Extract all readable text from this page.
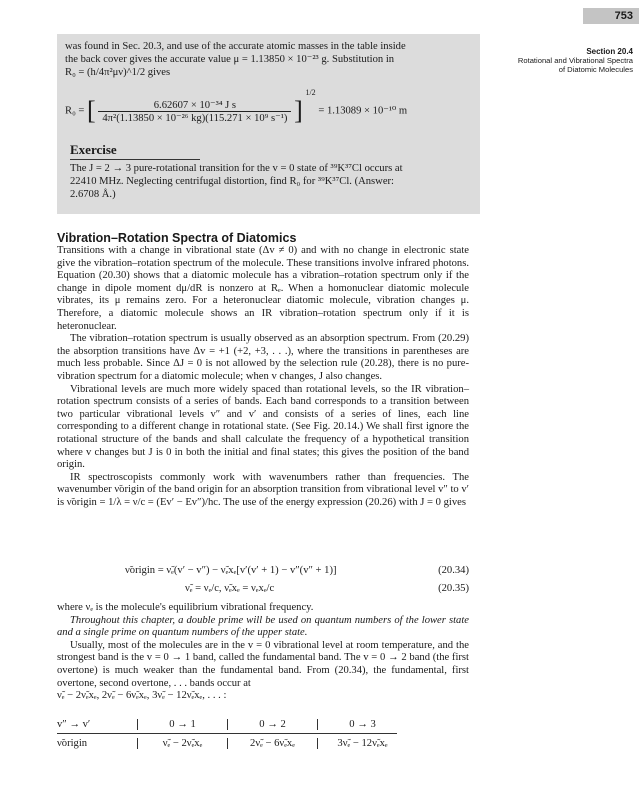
753
Section 20.4
Rotational and Vibrational Spectra
of Diatomic Molecules
was found in Sec. 20.3, and use of the accurate atomic masses in the table inside
the back cover gives the accurate value μ = 1.13850 × 10⁻²³ g. Substitution in
R₀ = (h/4π²μν)^1/2 gives
R₀ = [ $\frac{\text{6.62607 × 10⁻³⁴ J s}}{\text{4π²(1.13850 × 10⁻²⁶ kg)(115.271 × 10⁹ s⁻¹)}}$ ] $^{1/2}$ = 1.13089 × 10⁻¹⁰ m
Exercise
The J = 2 → 3 pure-rotational transition for the v = 0 state of ³⁹K³⁷Cl occurs at
22410 MHz. Neglecting centrifugal distortion, find R₀ for ³⁹K³⁷Cl. (Answer:
2.6708 Å.)
Vibration–Rotation Spectra of Diatomics

Transitions with a change in vibrational state (Δv ≠ 0) and with no change in electronic state give the vibration–rotation spectrum of the molecule. These transitions involve infrared photons. Equation (20.30) shows that a diatomic molecule has a vibration–rotation spectrum only if the change in dipole moment dμ/dR is nonzero at Rₑ. When a homonuclear diatomic molecule vibrates, its μ remains zero. For a heteronuclear diatomic molecule, vibration changes μ. Therefore, a diatomic molecule shows an IR vibration–rotation spectrum only if it is heteronuclear.

The vibration–rotation spectrum is usually observed as an absorption spectrum. From (20.29) the absorption transitions have Δv = +1 (+2, +3, . . .), where the transitions in parentheses are much less probable. Since ΔJ = 0 is not allowed by the selection rule (20.28), there is no pure-vibration spectrum for a diatomic molecule; when v changes, J also changes.

Vibrational levels are much more widely spaced than rotational levels, so the IR vibration–rotation spectrum consists of a series of bands. Each band corresponds to a transition between two particular vibrational levels v″ and v′ and consists of a series of lines, each line corresponding to a different change in rotational state. (See Fig. 20.14.) We shall first ignore the rotational structure of the bands and shall calculate the frequency of a hypothetical transition where v changes but J is 0 in both the initial and final states; this gives the position of the band origin.

IR spectroscopists commonly work with wavenumbers rather than frequencies. The wavenumber ν̃origin of the band origin for an absorption transition from vibrational level v″ to v′ is ν̃origin = 1/λ = ν/c = (Ev′ − Ev″)/hc. The use of the energy expression (20.26) with J = 0 gives

ν̃origin = ν̃ₑ(v′ − v″) − ν̃ₑxₑ[v′(v′ + 1) − v″(v″ + 1)]	(20.34)
ν̃ₑ = νₑ/c, ν̃ₑxₑ = νₑxₑ/c	(20.35)

where νₑ is the molecule's equilibrium vibrational frequency.

Throughout this chapter, a double prime will be used on quantum numbers of the lower state and a single prime on quantum numbers of the upper state.

Usually, most of the molecules are in the v = 0 vibrational level at room temperature, and the strongest band is the v = 0 → 1 band, called the fundamental band. The v = 0 → 2 band (the first overtone) is much weaker than the fundamental band. From (20.34), the fundamental, first overtone, second overtone, . . . bands occur at

ν̃ₑ − 2ν̃ₑxₑ, 2ν̃ₑ − 6ν̃ₑxₑ, 3ν̃ₑ − 12ν̃ₑxₑ, . . . :

v″ → v′	0 → 1	0 → 2	0 → 3
ν̃origin	ν̃ₑ − 2ν̃ₑxₑ	2ν̃ₑ − 6ν̃ₑxₑ	3ν̃ₑ − 12ν̃ₑxₑ
